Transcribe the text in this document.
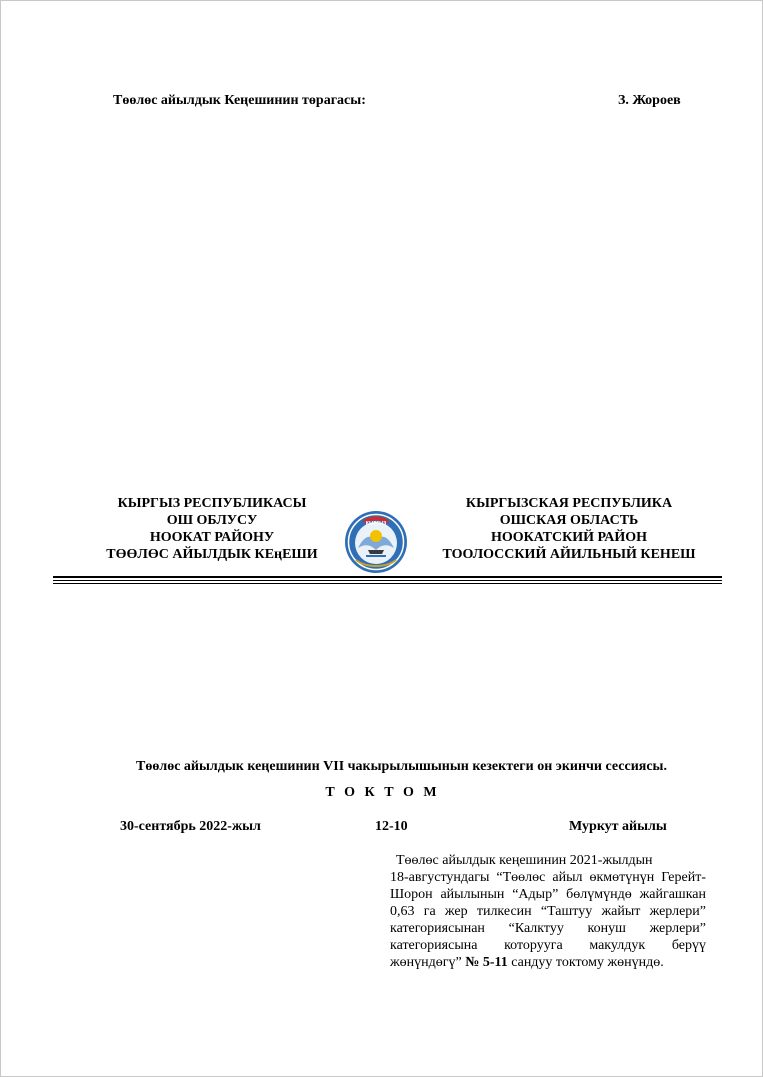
Төөлөс айылдык Кеңешинин төрагасы:	З. Жороев
КЫРГЫЗ РЕСПУБЛИКАСЫ
ОШ ОБЛУСУ
НООКАТ РАЙОНУ
ТӨӨЛӨС АЙЫЛДЫК КЕңЕШИ
КЫРГЫЗ
КЫРГЫЗСКАЯ РЕСПУБЛИКА
ОШСКАЯ ОБЛАСТЬ
НООКАТСКИЙ РАЙОН
ТООЛОССКИЙ АЙИЛЬНЫЙ КЕНЕШ
Төөлөс айылдык кеңешинин VII чакырылышынын кезектеги он экинчи сессиясы.
Т О К Т О М
30-сентябрь 2022-жыл	12-10	Муркут айылы
Төөлөс айылдык кеңешинин 2021-жылдын
18-августундагы “Төөлөс айыл өкмөтүнүн Герейт-Шорон айылынын “Адыр” бөлүмүндө жайгашкан 0,63 га жер тилкесин “Таштуу жайыт жерлери” категориясынан “Калктуу конуш жерлери” категориясына которууга макулдук берүү жөнүндөгү” № 5-11 сандуу токтому жөнүндө.
